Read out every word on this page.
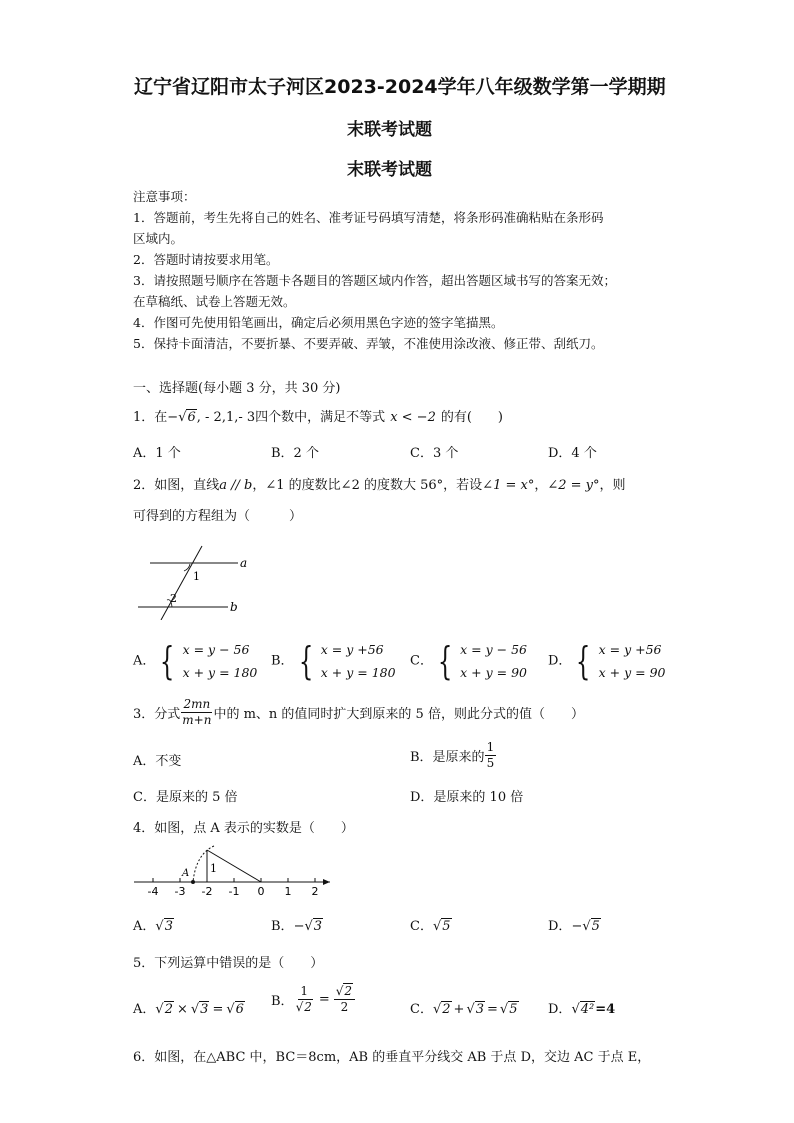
辽宁省辽阳市太子河区2023-2024学年八年级数学第一学期期
末联考试题
末联考试题
注意事项：
1．答题前，考生先将自己的姓名、准考证号码填写清楚，将条形码准确粘贴在条形码
区域内。
2．答题时请按要求用笔。
3．请按照题号顺序在答题卡各题目的答题区域内作答，超出答题区域书写的答案无效；
在草稿纸、试卷上答题无效。
4．作图可先使用铅笔画出，确定后必须用黑色字迹的签字笔描黑。
5．保持卡面清洁，不要折暴、不要弄破、弄皱，不准使用涂改液、修正带、刮纸刀。
一、选择题(每小题 3 分，共 30 分)
1．在−√6, - 2,1,- 3四个数中，满足不等式 x < −2 的有(　　)
A．1 个	B．2 个	C．3 个	D．4 个
2．如图，直线a // b，∠1 的度数比∠2 的度数大 56°，若设∠1 = x°，∠2 = y°，则
可得到的方程组为（　　　）
a
b
1
2
A． { x = y − 56
x + y = 180
B． { x = y +56
x + y = 180
C． { x = y − 56
x + y = 90
D． { x = y +56
x + y = 90
3．分式 $\frac{2mn}{m+n}$ 中的 m、n 的值同时扩大到原来的 5 倍，则此分式的值（　　）
A．不变	B．是原来的 $\frac{1}{5}$
C．是原来的 5 倍	D．是原来的 10 倍
4．如图，点 A 表示的实数是（　　）
-4 -3 -2 -1 0 1 2
A 1
A．√3	B．−√3	C．√5	D．−√5
5．下列运算中错误的是（　　）
A．√2 × √3 = √6
B． $\frac{1}{√2} = \frac{√2}{2}$	C．√2 + √3 = √5 D．√4²=4
6．如图，在△ABC 中，BC＝8cm，AB 的垂直平分线交 AB 于点 D，交边 AC 于点 E，
